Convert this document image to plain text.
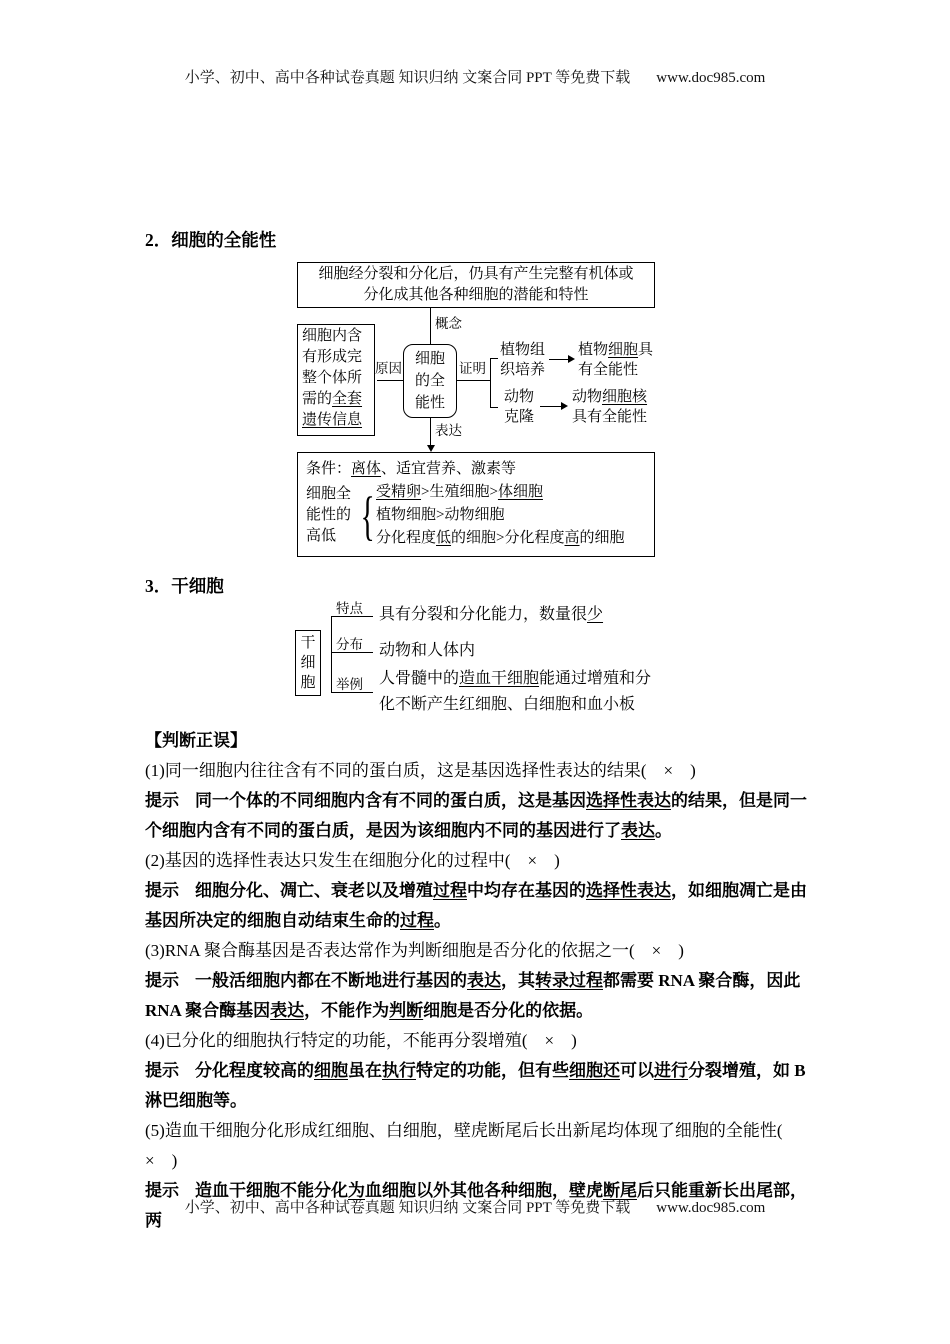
小学、初中、高中各种试卷真题 知识归纳 文案合同 PPT 等免费下载 www.doc985.com
2．细胞的全能性
细胞经分裂和分化后，仍具有产生完整有机体或
分化成其他各种细胞的潜能和特性
概念
细胞内含
有形成完
整个体所
需的全套
遗传信息
原因
细胞
的全
能性
证明
植物组
织培养
植物细胞具
有全能性
动物
克隆
动物细胞核
具有全能性
表达
条件：离体、适宜营养、激素等
细胞全
能性的
高低 { 受精卵>生殖细胞>体细胞
植物细胞>动物细胞
分化程度低的细胞>分化程度高的细胞
3．干细胞
干
细
胞
特点 具有分裂和分化能力，数量很少
分布 动物和人体内
举例 人骨髓中的造血干细胞能通过增殖和分
化不断产生红细胞、白细胞和血小板

【判断正误】

(1)同一细胞内往往含有不同的蛋白质，这是基因选择性表达的结果(　×　)

提示 同一个体的不同细胞内含有不同的蛋白质，这是基因选择性表达的结果，但是同一个细胞内含有不同的蛋白质，是因为该细胞内不同的基因进行了表达。

(2)基因的选择性表达只发生在细胞分化的过程中(　×　)

提示 细胞分化、凋亡、衰老以及增殖过程中均存在基因的选择性表达，如细胞凋亡是由基因所决定的细胞自动结束生命的过程。

(3)RNA 聚合酶基因是否表达常作为判断细胞是否分化的依据之一(　×　)

提示 一般活细胞内都在不断地进行基因的表达，其转录过程都需要 RNA 聚合酶，因此 RNA 聚合酶基因表达，不能作为判断细胞是否分化的依据。

(4)已分化的细胞执行特定的功能，不能再分裂增殖(　×　)

提示 分化程度较高的细胞虽在执行特定的功能，但有些细胞还可以进行分裂增殖，如 B 淋巴细胞等。

(5)造血干细胞分化形成红细胞、白细胞，壁虎断尾后长出新尾均体现了细胞的全能性(　×　)

提示 造血干细胞不能分化为血细胞以外其他各种细胞，壁虎断尾后只能重新长出尾部，两

小学、初中、高中各种试卷真题 知识归纳 文案合同 PPT 等免费下载 www.doc985.com
